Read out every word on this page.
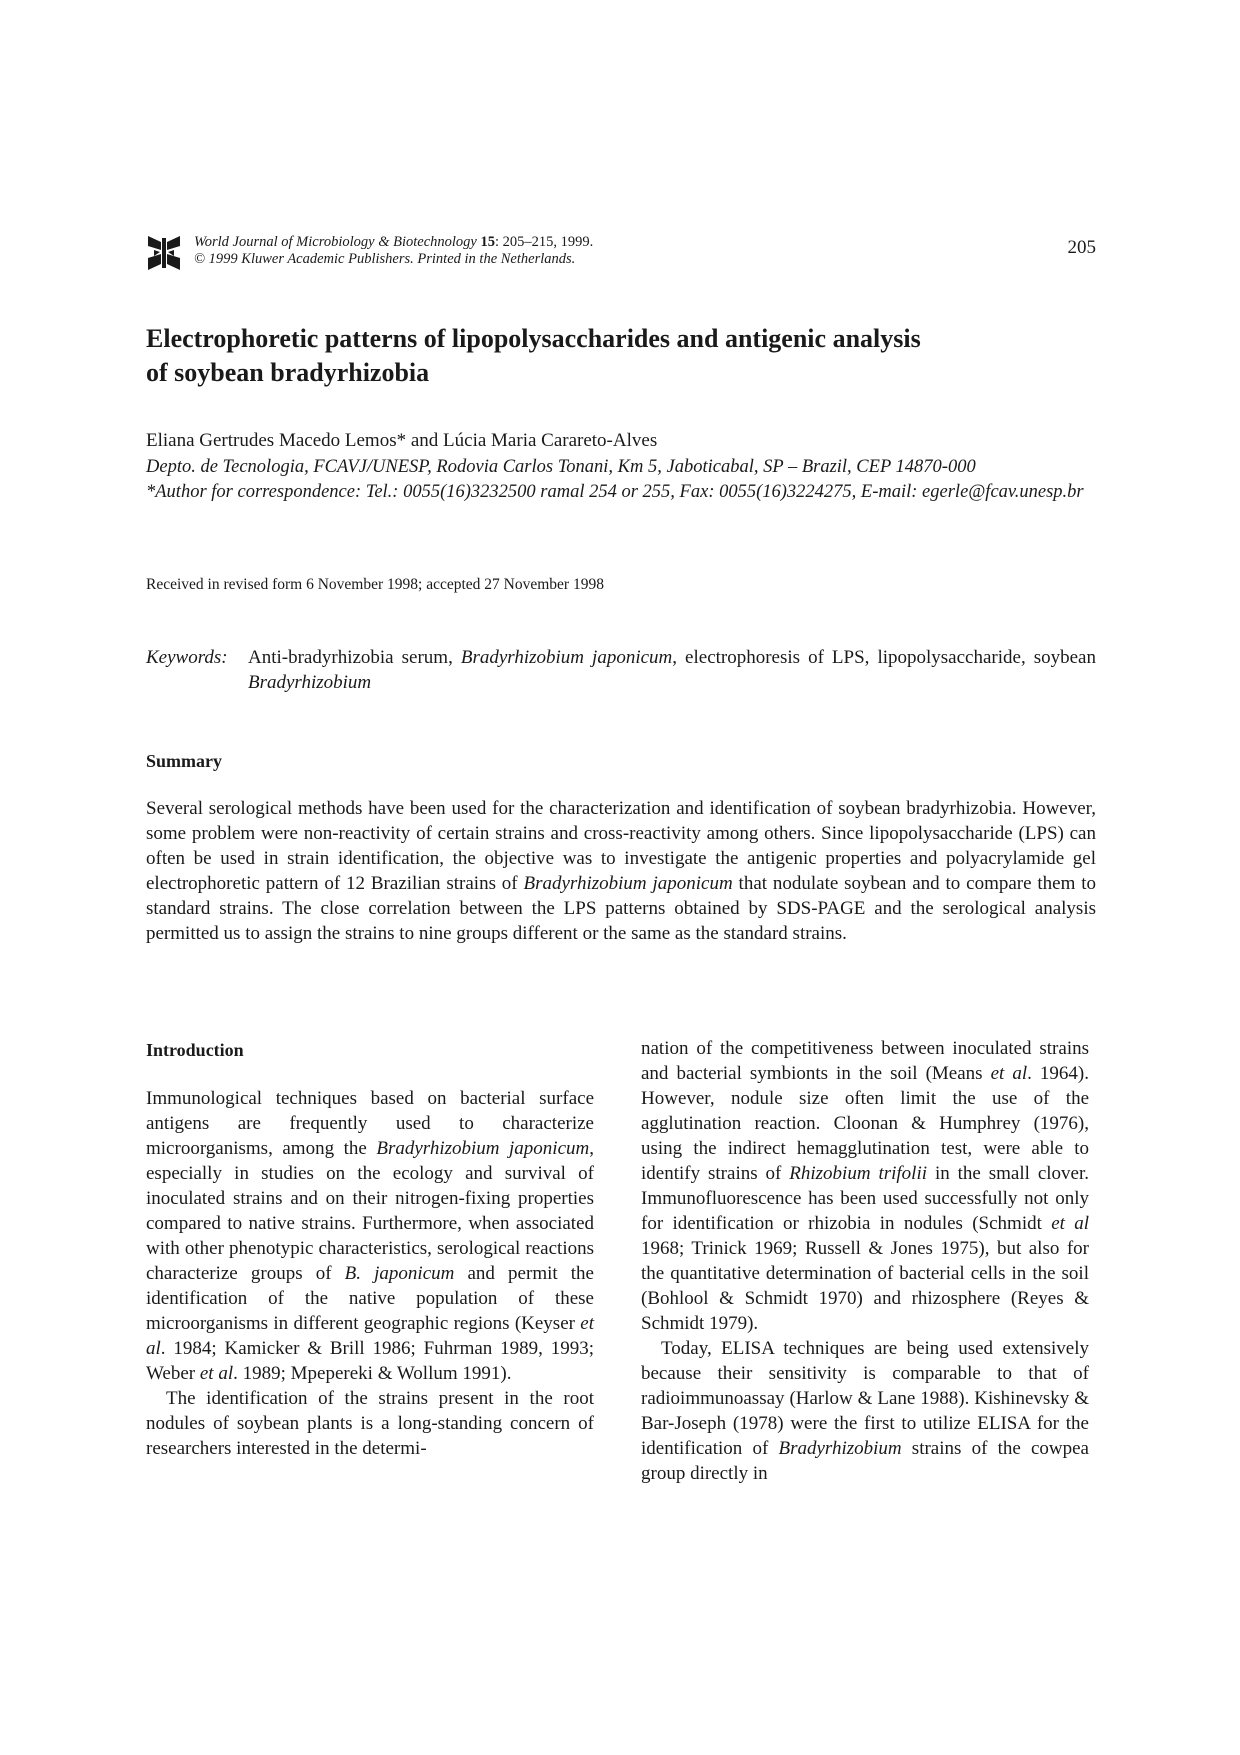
World Journal of Microbiology & Biotechnology 15: 205–215, 1999.
© 1999 Kluwer Academic Publishers. Printed in the Netherlands.
205
Electrophoretic patterns of lipopolysaccharides and antigenic analysis
of soybean bradyrhizobia
Eliana Gertrudes Macedo Lemos* and Lúcia Maria Carareto-Alves
Depto. de Tecnologia, FCAVJ/UNESP, Rodovia Carlos Tonani, Km 5, Jaboticabal, SP – Brazil, CEP 14870-000
*Author for correspondence: Tel.: 0055(16)3232500 ramal 254 or 255, Fax: 0055(16)3224275, E-mail: egerle@fcav.unesp.br
Received in revised form 6 November 1998; accepted 27 November 1998
Keywords: Anti-bradyrhizobia serum, Bradyrhizobium japonicum, electrophoresis of LPS, lipopolysaccharide, soybean Bradyrhizobium
Summary

Several serological methods have been used for the characterization and identification of soybean bradyrhizobia. However, some problem were non-reactivity of certain strains and cross-reactivity among others. Since lipopolysaccharide (LPS) can often be used in strain identification, the objective was to investigate the antigenic properties and polyacrylamide gel electrophoretic pattern of 12 Brazilian strains of Bradyrhizobium japonicum that nodulate soybean and to compare them to standard strains. The close correlation between the LPS patterns obtained by SDS-PAGE and the serological analysis permitted us to assign the strains to nine groups different or the same as the standard strains.

Introduction

Immunological techniques based on bacterial surface antigens are frequently used to characterize microorganisms, among the Bradyrhizobium japonicum, especially in studies on the ecology and survival of inoculated strains and on their nitrogen-fixing properties compared to native strains. Furthermore, when associated with other phenotypic characteristics, serological reactions characterize groups of B. japonicum and permit the identification of the native population of these microorganisms in different geographic regions (Keyser et al. 1984; Kamicker & Brill 1986; Fuhrman 1989, 1993; Weber et al. 1989; Mpepereki & Wollum 1991).

The identification of the strains present in the root nodules of soybean plants is a long-standing concern of researchers interested in the determi-

nation of the competitiveness between inoculated strains and bacterial symbionts in the soil (Means et al. 1964). However, nodule size often limit the use of the agglutination reaction. Cloonan & Humphrey (1976), using the indirect hemagglutination test, were able to identify strains of Rhizobium trifolii in the small clover. Immunofluorescence has been used successfully not only for identification or rhizobia in nodules (Schmidt et al 1968; Trinick 1969; Russell & Jones 1975), but also for the quantitative determination of bacterial cells in the soil (Bohlool & Schmidt 1970) and rhizosphere (Reyes & Schmidt 1979).

Today, ELISA techniques are being used extensively because their sensitivity is comparable to that of radioimmunoassay (Harlow & Lane 1988). Kishinevsky & Bar-Joseph (1978) were the first to utilize ELISA for the identification of Bradyrhizobium strains of the cowpea group directly in
